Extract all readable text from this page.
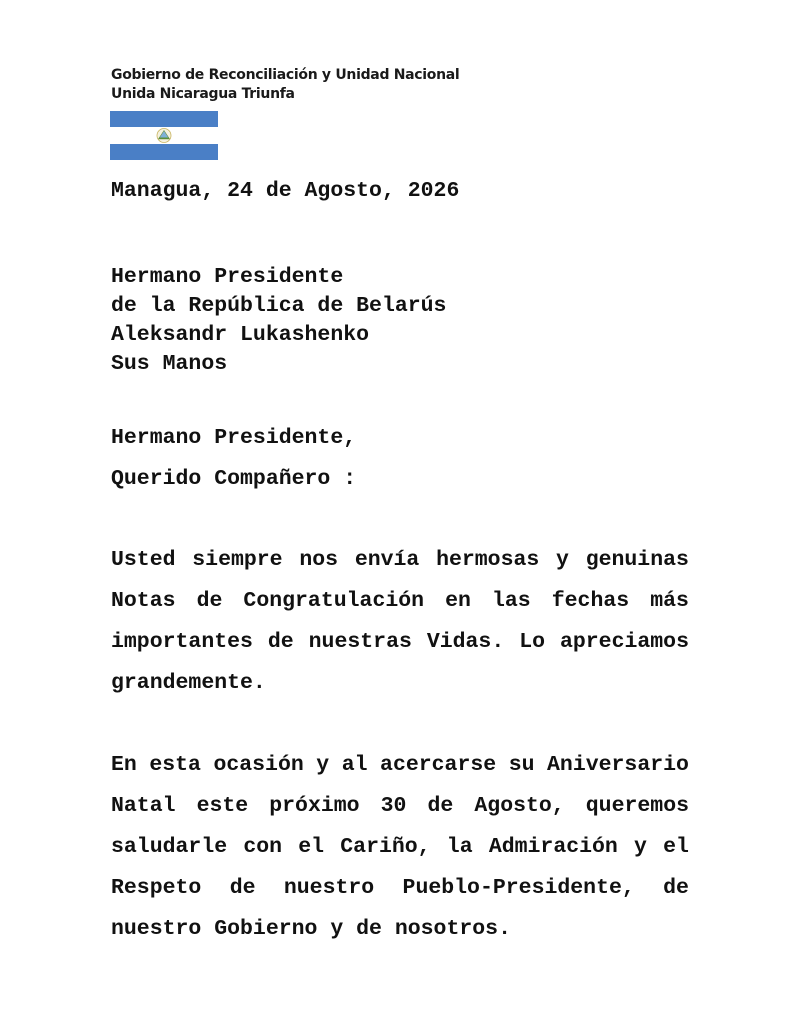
Gobierno de Reconciliación y Unidad Nacional
Unida Nicaragua Triunfa
Managua, 24 de Agosto, 2026
Hermano Presidente
de la República de Belarús
Aleksandr Lukashenko
Sus Manos
Hermano Presidente,
Querido Compañero :
Usted siempre nos envía hermosas y genuinas
Notas de Congratulación en las fechas más
importantes de nuestras Vidas. Lo apreciamos
grandemente.
En esta ocasión y al acercarse su Aniversario
Natal este próximo 30 de Agosto, queremos
saludarle con el Cariño, la Admiración y el
Respeto de nuestro Pueblo-Presidente, de
nuestro Gobierno y de nosotros.
